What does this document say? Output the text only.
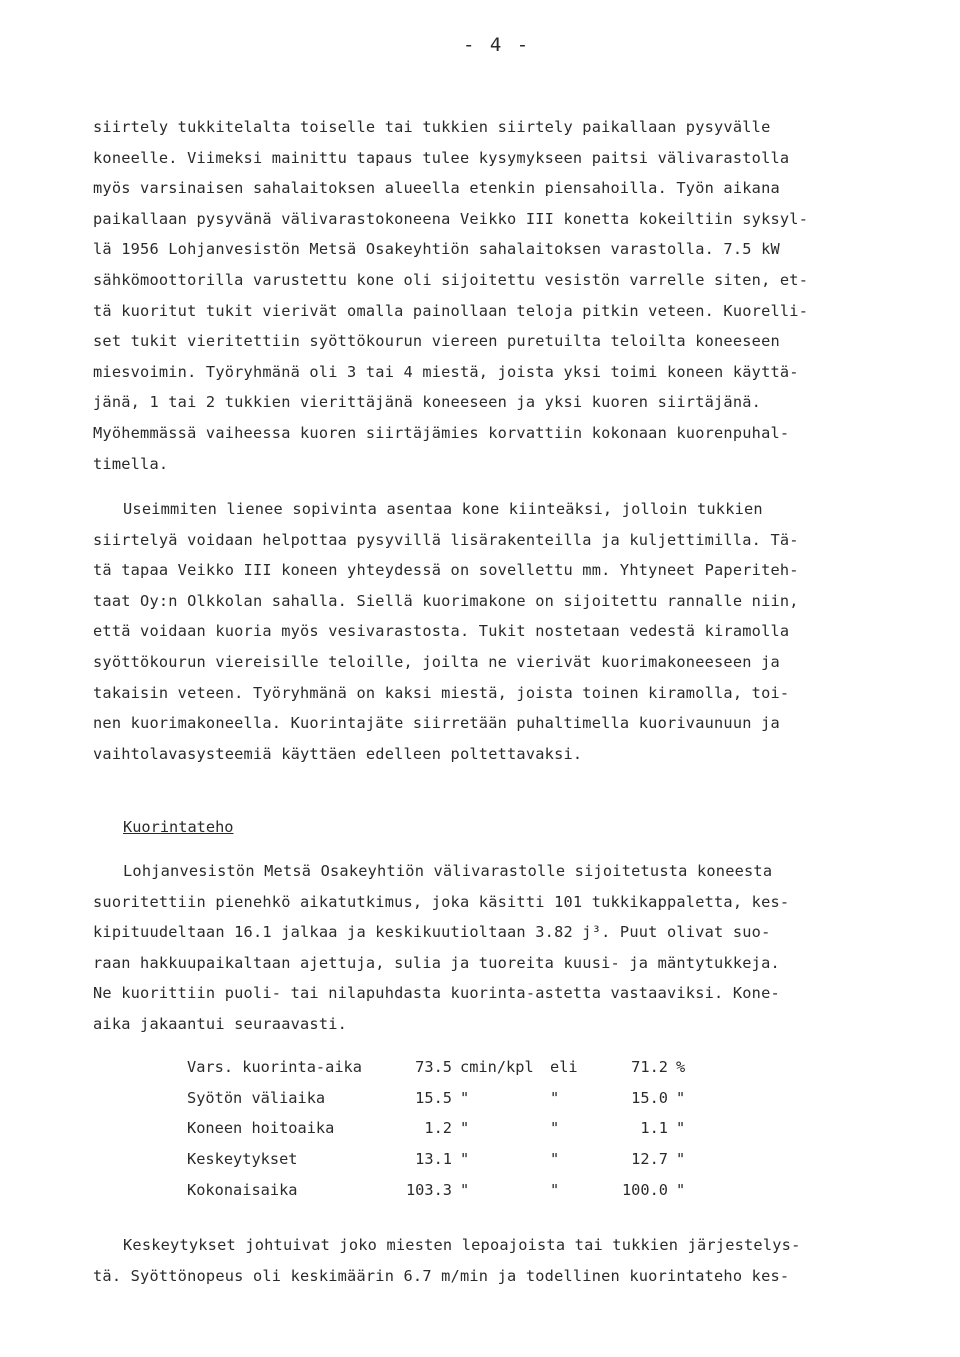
- 4 -
siirtely tukkitelalta toiselle tai tukkien siirtely paikallaan pysyvälle
koneelle. Viimeksi mainittu tapaus tulee kysymykseen paitsi välivarastolla
myös varsinaisen sahalaitoksen alueella etenkin piensahoilla. Työn aikana
paikallaan pysyvänä välivarastokoneena Veikko III konetta kokeiltiin syksyl-
lä 1956 Lohjanvesistön Metsä Osakeyhtiön sahalaitoksen varastolla. 7.5 kW
sähkömoottorilla varustettu kone oli sijoitettu vesistön varrelle siten, et-
tä kuoritut tukit vierivät omalla painollaan teloja pitkin veteen. Kuorelli-
set tukit vieritettiin syöttökourun viereen puretuilta teloilta koneeseen
miesvoimin. Työryhmänä oli 3 tai 4 miestä, joista yksi toimi koneen käyttä-
jänä, 1 tai 2 tukkien vierittäjänä koneeseen ja yksi kuoren siirtäjänä.
Myöhemmässä vaiheessa kuoren siirtäjämies korvattiin kokonaan kuorenpuhal-
timella.
Useimmiten lienee sopivinta asentaa kone kiinteäksi, jolloin tukkien
siirtelyä voidaan helpottaa pysyvillä lisärakenteilla ja kuljettimilla. Tä-
tä tapaa Veikko III koneen yhteydessä on sovellettu mm. Yhtyneet Paperiteh-
taat Oy:n Olkkolan sahalla. Siellä kuorimakone on sijoitettu rannalle niin,
että voidaan kuoria myös vesivarastosta. Tukit nostetaan vedestä kiramolla
syöttökourun viereisille teloille, joilta ne vierivät kuorimakoneeseen ja
takaisin veteen. Työryhmänä on kaksi miestä, joista toinen kiramolla, toi-
nen kuorimakoneella. Kuorintajäte siirretään puhaltimella kuorivaunuun ja
vaihtolavasysteemiä käyttäen edelleen poltettavaksi.
Kuorintateho
Lohjanvesistön Metsä Osakeyhtiön välivarastolle sijoitetusta koneesta
suoritettiin pienehkö aikatutkimus, joka käsitti 101 tukkikappaletta, kes-
kipituudeltaan 16.1 jalkaa ja keskikuutioltaan 3.82 j³. Puut olivat suo-
raan hakkuupaikaltaan ajettuja, sulia ja tuoreita kuusi- ja mäntytukkeja.
Ne kuorittiin puoli- tai nilapuhdasta kuorinta-astetta vastaaviksi. Kone-
aika jakaantui seuraavasti.
Vars. kuorinta-aika	73.5	cmin/kpl	eli	71.2	%
Syötön väliaika	15.5	"	"	15.0	"
Koneen hoitoaika	1.2	"	"	1.1	"
Keskeytykset	13.1	"	"	12.7	"
Kokonaisaika	103.3	"	"	100.0	"
Keskeytykset johtuivat joko miesten lepoajoista tai tukkien järjestelys-
tä. Syöttönopeus oli keskimäärin 6.7 m/min ja todellinen kuorintateho kes-
